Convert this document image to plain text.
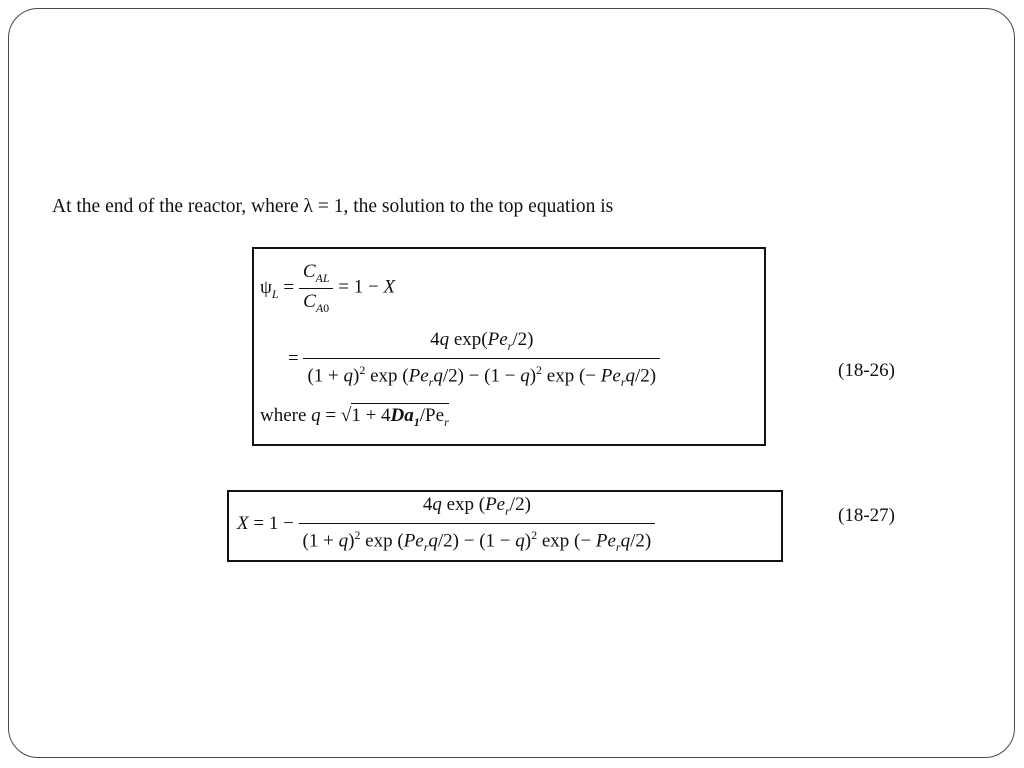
At the end of the reactor, where λ = 1, the solution to the top equation is
$\psi_L = \frac{C_{AL}}{C_{A0}} = 1 - X$
= $\frac{4q \exp(Pe_r/2)}{(1 + q)^2 \exp (Pe_rq/2) - (1 - q)^2 \exp (- Pe_rq/2)}$
where $q = √1 + 4Da_1/Pe_r$
(18-26)
$X = 1 - \frac{4q \exp (Pe_r/2)}{(1 + q)^2 \exp (Pe_rq/2) - (1 - q)^2 \exp (- Pe_rq/2)}$	(18-27)
